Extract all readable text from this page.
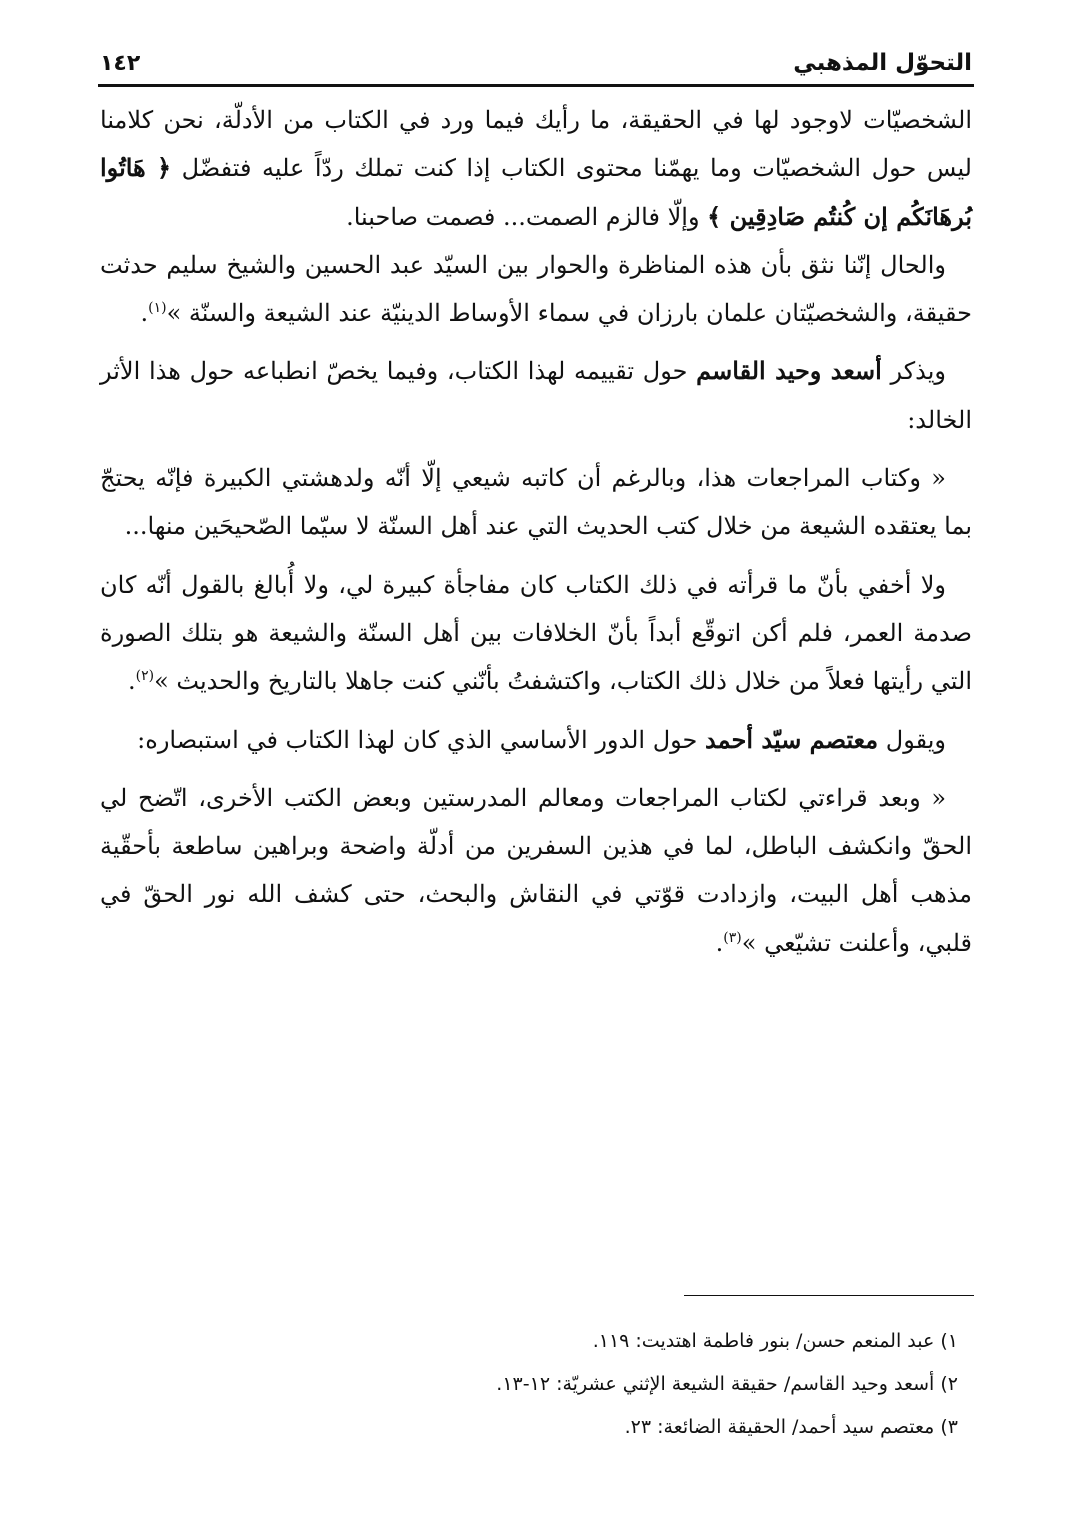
التحوّل المذهبي
١٤٢

الشخصيّات لاوجود لها في الحقيقة، ما رأيك فيما ورد في الكتاب من الأدلّة، نحن كلامنا ليس حول الشخصيّات وما يهمّنا محتوى الكتاب إذا كنت تملك ردّاً عليه فتفضّل ﴿ هَاتُوا بُرهَانَكُم إن كُنتُم صَادِقِين ﴾ وإلّا فالزم الصمت... فصمت صاحبنا.

والحال إنّنا نثق بأن هذه المناظرة والحوار بين السيّد عبد الحسين والشيخ سليم حدثت حقيقة، والشخصيّتان علمان بارزان في سماء الأوساط الدينيّة عند الشيعة والسنّة »$^{(١)}$.

ويذكر أسعد وحيد القاسم حول تقييمه لهذا الكتاب، وفيما يخصّ انطباعه حول هذا الأثر الخالد:

« وكتاب المراجعات هذا، وبالرغم أن كاتبه شيعي إلّا أنّه ولدهشتي الكبيرة فإنّه يحتجّ بما يعتقده الشيعة من خلال كتب الحديث التي عند أهل السنّة لا سيّما الصّحيحَين منها...

ولا أخفي بأنّ ما قرأته في ذلك الكتاب كان مفاجأة كبيرة لي، ولا أُبالغ بالقول أنّه كان صدمة العمر، فلم أكن اتوقّع أبداً بأنّ الخلافات بين أهل السنّة والشيعة هو بتلك الصورة التي رأيتها فعلاً من خلال ذلك الكتاب، واكتشفتُ بأنّني كنت جاهلا بالتاريخ والحديث »$^{(٢)}$.

ويقول معتصم سيّد أحمد حول الدور الأساسي الذي كان لهذا الكتاب في استبصاره:

« وبعد قراءتي لكتاب المراجعات ومعالم المدرستين وبعض الكتب الأخرى، اتّضح لي الحقّ وانكشف الباطل، لما في هذين السفرين من أدلّة واضحة وبراهين ساطعة بأحقّية مذهب أهل البيت، وازدادت قوّتي في النقاش والبحث، حتى كشف الله نور الحقّ في قلبي، وأعلنت تشيّعي »$^{(٣)}$.

١) عبد المنعم حسن/ بنور فاطمة اهتديت: ١١٩.

٢) أسعد وحيد القاسم/ حقيقة الشيعة الإثني عشريّة: ١٢-١٣.

٣) معتصم سيد أحمد/ الحقيقة الضائعة: ٢٣.
